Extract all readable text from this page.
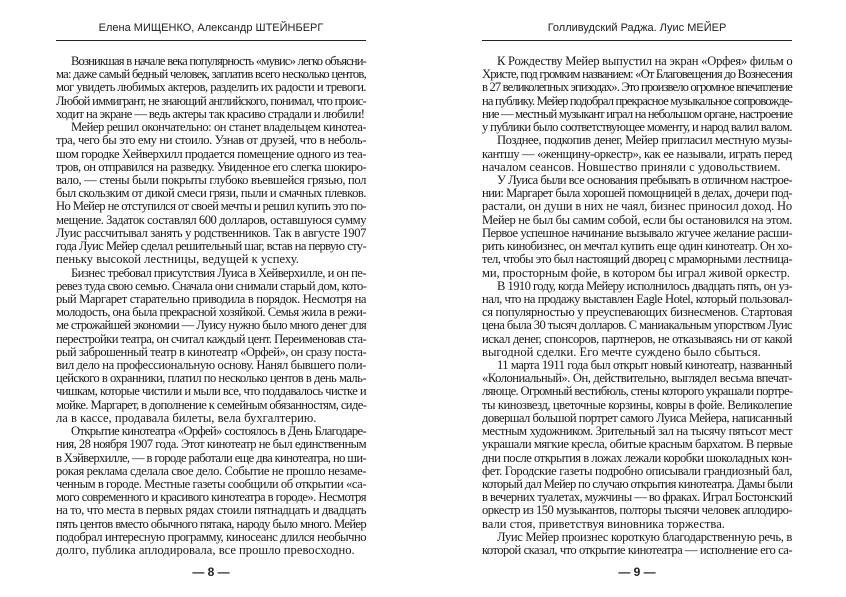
Елена МИЩЕНКО, Александр ШТЕЙНБЕРГ
Возникшая в начале века популярность «мувис» легко объясни-
ма: даже самый бедный человек, заплатив всего несколько центов,
мог увидеть любимых актеров, разделить их радости и тревоги.
Любой иммигрант, не знающий английского, понимал, что проис-
ходит на экране — ведь актеры так красиво страдали и любили!
Мейер решил окончательно: он станет владельцем кинотеа-
тра, чего бы это ему ни стоило. Узнав от друзей, что в неболь-
шом городке Хейверхилл продается помещение одного из теа-
тров, он отправился на разведку. Увиденное его слегка шокиро-
вало, — стены были покрыты глубоко въевшейся грязью, пол
был скользким от дикой смеси грязи, пыли и смачных плевков.
Но Мейер не отступился от своей мечты и решил купить это по-
мещение. Задаток составлял 600 долларов, оставшуюся сумму
Луис рассчитывал занять у родственников. Так в августе 1907
года Луис Мейер сделал решительный шаг, встав на первую сту-
пеньку высокой лестницы, ведущей к успеху.
Бизнес требовал присутствия Луиса в Хейверхилле, и он пе-
ревез туда свою семью. Сначала они снимали старый дом, кото-
рый Маргарет старательно приводила в порядок. Несмотря на
молодость, она была прекрасной хозяйкой. Семья жила в режи-
ме строжайшей экономии — Луису нужно было много денег для
перестройки театра, он считал каждый цент. Переименовав ста-
рый заброшенный театр в кинотеатр «Орфей», он сразу поста-
вил дело на профессиональную основу. Нанял бывшего поли-
цейского в охранники, платил по несколько центов в день маль-
чишкам, которые чистили и мыли все, что поддавалось чистке и
мойке. Маргарет, в дополнение к семейным обязанностям, сиде-
ла в кассе, продавала билеты, вела бухгалтерию.
Открытие кинотеатра «Орфей» состоялось в День Благодаре-
ния, 28 ноября 1907 года. Этот кинотеатр не был единственным
в Хэйверхилле, — в городе работали еще два кинотеатра, но ши-
рокая реклама сделала свое дело. Событие не прошло незаме-
ченным в городе. Местные газеты сообщили об открытии «са-
мого современного и красивого кинотеатра в городе». Несмотря
на то, что места в первых рядах стоили пятнадцать и двадцать
пять центов вместо обычного пятака, народу было много. Мейер
подобрал интересную программу, киносеанс длился необычно
долго, публика аплодировала, все прошло превосходно.
— 8 —
Голливудский Раджа. Луис МЕЙЕР
К Рождеству Мейер выпустил на экран «Орфея» фильм о
Христе, под громким названием: «От Благовещения до Вознесения
в 27 великолепных эпизодах». Это произвело огромное впечатление
на публику. Мейер подобрал прекрасное музыкальное сопровожде-
ние — местный музыкант играл на небольшом органе, настроение
у публики было соответствующее моменту, и народ валил валом.
Позднее, подкопив денег, Мейер пригласил местную музы-
кантшу — «женщину-оркестр», как ее называли, играть перед
началом сеансов. Новшество приняли с удовольствием.
У Луиса были все основания пребывать в отличном настрое-
нии: Маргарет была хорошей помощницей в делах, дочери под-
растали, он души в них не чаял, бизнес приносил доход. Но
Мейер не был бы самим собой, если бы остановился на этом.
Первое успешное начинание вызывало жгучее желание расши-
рить кинобизнес, он мечтал купить еще один кинотеатр. Он хо-
тел, чтобы это был настоящий дворец с мраморными лестница-
ми, просторным фойе, в котором бы играл живой оркестр.
В 1910 году, когда Мейеру исполнилось двадцать пять, он уз-
нал, что на продажу выставлен Eagle Hotel, который пользовал-
ся популярностью у преуспевающих бизнесменов. Стартовая
цена была 30 тысяч долларов. С маниакальным упорством Луис
искал денег, спонсоров, партнеров, не отказываясь ни от какой
выгодной сделки. Его мечте суждено было сбыться.
11 марта 1911 года был открыт новый кинотеатр, названный
«Колониальный». Он, действительно, выглядел весьма впечат-
ляюще. Огромный вестибюль, стены которого украшали портре-
ты кинозвезд, цветочные корзины, ковры в фойе. Великолепие
довершал большой портрет самого Луиса Мейера, написанный
местным художником. Зрительный зал на тысячу пятьсот мест
украшали мягкие кресла, обитые красным бархатом. В первые
дни после открытия в ложах лежали коробки шоколадных кон-
фет. Городские газеты подробно описывали грандиозный бал,
который дал Мейер по случаю открытия кинотеатра. Дамы были
в вечерних туалетах, мужчины — во фраках. Играл Бостонский
оркестр из 150 музыкантов, полторы тысячи человек аплодиро-
вали стоя, приветствуя виновника торжества.
Луис Мейер произнес короткую благодарственную речь, в
которой сказал, что открытие кинотеатра — исполнение его са-
— 9 —
